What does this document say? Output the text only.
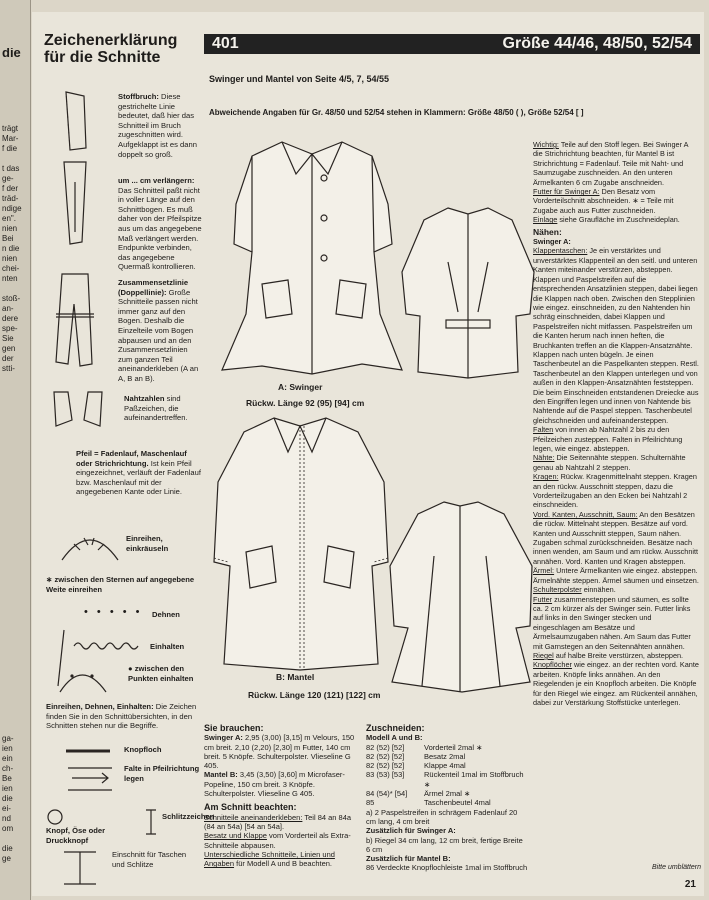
die
trägt
Mar-
f die
t das
ge-
f der
träd-
ndige
en".
nien
Bei
n die
nien
chei-
nten
stoß-
an-
dere
spe-
Sie
gen
der
stti-
ga-
ien
ein
ch-
Be
ien
die
ei-
nd
om
die
ge
Zeichenerklärung für die Schnitte
Stoffbruch: Diese gestrichelte Linie bedeutet, daß hier das Schnitteil im Bruch zugeschnitten wird. Aufgeklappt ist es dann doppelt so groß.
um ... cm verlängern: Das Schnitteil paßt nicht in voller Länge auf den Schnittbogen. Es muß daher von der Pfeilspitze aus um das angegebene Maß verlängert werden. Endpunkte verbinden, das angegebene Quermaß kontrollieren.
Zusammensetzlinie (Doppellinie): Große Schnitteile passen nicht immer ganz auf den Bogen. Deshalb die Einzelteile vom Bogen abpausen und an den Zusammensetzlinien zum ganzen Teil aneinanderkleben (A an A, B an B).
Nahtzahlen sind Paßzeichen, die aufeinandertreffen.
Pfeil = Fadenlauf, Maschenlauf oder Strichrichtung. Ist kein Pfeil eingezeichnet, verläuft der Fadenlauf bzw. Maschenlauf mit der angegebenen Kante oder Linie.
Einreihen, einkräuseln
∗ zwischen den Sternen auf angegebene Weite einreihen
• • • • • Dehnen
Einhalten
● zwischen den Punkten einhalten
Einreihen, Dehnen, Einhalten: Die Zeichen finden Sie in den Schnittübersichten, in den Schnitten stehen nur die Begriffe.
Knopfloch
Falte in Pfeilrichtung legen
Knopf, Öse oder Druckknopf
Schlitzzeichen
Einschnitt für Taschen und Schlitze
401	Größe 44/46, 48/50, 52/54
Swinger und Mantel von Seite 4/5, 7, 54/55
Abweichende Angaben für Gr. 48/50 und 52/54 stehen in Klammern: Größe 48/50 ( ), Größe 52/54 [ ]
A: Swinger
Rückw. Länge 92 (95) [94] cm
B: Mantel
Rückw. Länge 120 (121) [122] cm

Wichtig: Teile auf den Stoff legen. Bei Swinger A die Strichrichtung beachten, für Mantel B ist Strichrichtung = Fadenlauf. Teile mit Naht- und Saumzugabe zuschneiden. An den unteren Ärmelkanten 6 cm Zugabe anschneiden.

Futter für Swinger A: Den Besatz vom Vorderteilschnitt abschneiden. ∗ = Teile mit Zugabe auch aus Futter zuschneiden.

Einlage siehe Graufläche im Zuschneideplan.

Nähen:

Swinger A:

Klappentaschen: Je ein verstärktes und unverstärktes Klappenteil an den seitl. und unteren Kanten miteinander verstürzen, absteppen. Klappen und Paspelstreifen auf die entsprechenden Ansatzlinien steppen, dabei liegen die Klappen nach oben. Zwischen den Stepplinien wie eingez. einschneiden, zu den Nahtenden hin schräg einschneiden, dabei Klappen und Paspelstreifen nicht mitfassen. Paspelstreifen um die Kanten herum nach innen heften, die Bruchkanten treffen an die Klappen-Ansatznähte. Klappen nach unten bügeln. Je einen Taschenbeutel an die Paspelkanten steppen. Restl. Taschenbeutel an den Klappen unterlegen und von außen in den Klappen-Ansatznähten feststeppen. Die beim Einschneiden entstandenen Dreiecke aus den Eingriffen legen und innen von Nahtende bis Nahtende auf die Paspel steppen. Taschenbeutel gleichschneiden und aufeinandersteppen.

Falten von innen ab Nahtzahl 2 bis zu den Pfeilzeichen zusteppen. Falten in Pfeilrichtung legen, wie eingez. absteppen.

Nähte: Die Seitennähte steppen. Schulternähte genau ab Nahtzahl 2 steppen.

Kragen: Rückw. Kragenmittelnaht steppen. Kragen an den rückw. Ausschnitt steppen, dazu die Vorderteilzugaben an den Ecken bei Nahtzahl 2 einschneiden.

Vord. Kanten, Ausschnitt, Saum: An den Besätzen die rückw. Mittelnaht steppen. Besätze auf vord. Kanten und Ausschnitt steppen, Saum nähen. Zugaben schmal zurückschneiden. Besätze nach innen wenden, am Saum und am rückw. Ausschnitt annähen. Vord. Kanten und Kragen absteppen.

Ärmel: Untere Ärmelkanten wie eingez. absteppen. Ärmelnähte steppen. Ärmel säumen und einsetzen.

Schulterpolster einnähen.

Futter zusammensteppen und säumen, es sollte ca. 2 cm kürzer als der Swinger sein. Futter links auf links in den Swinger stecken und eingeschlagen am Besätze und Ärmelsaumzugaben nähen. Am Saum das Futter mit Garnstegen an den Seitennähten annähen.

Riegel auf halbe Breite verstürzen, absteppen.

Knopflöcher wie eingez. an der rechten vord. Kante arbeiten. Knöpfe links annähen. An den Riegelenden je ein Knopfloch arbeiten. Die Knöpfe für den Riegel wie eingez. am Rückenteil annähen, dabei zur Verstärkung Stoffstücke unterlegen.

Bitte umblättern
Sie brauchen:
Swinger A: 2,95 (3,00) [3,15] m Velours, 150 cm breit. 2,10 (2,20) [2,30] m Futter, 140 cm breit. 5 Knöpfe. Schulterpolster. Vlieseline G 405.
Mantel B: 3,45 (3,50) [3,60] m Microfaser-Popeline, 150 cm breit. 3 Knöpfe. Schulterpolster. Vlieseline G 405.
Am Schnitt beachten:
Schnitteile aneinanderkleben: Teil 84 an 84a (84 an 54a) [54 an 54a].
Besatz und Klappe vom Vorderteil als Extra-Schnitteile abpausen.
Unterschiedliche Schnitteile, Linien und Angaben für Modell A und B beachten.
Zuschneiden:
Modell A und B:
82 (52) [52]	Vorderteil 2mal ∗
82 (52) [52]	Besatz 2mal
82 (52) [52]	Klappe 4mal
83 (53) [53]	Rückenteil 1mal im Stoffbruch ∗
84 (54)* [54]	Ärmel 2mal ∗
85	Taschenbeutel 4mal
a) 2 Paspelstreifen in schrägem Fadenlauf 20 cm lang, 4 cm breit
Zusätzlich für Swinger A:
b) Riegel 34 cm lang, 12 cm breit, fertige Breite 6 cm
Zusätzlich für Mantel B:
86 Verdeckte Knopflochleiste 1mal im Stoffbruch
21
